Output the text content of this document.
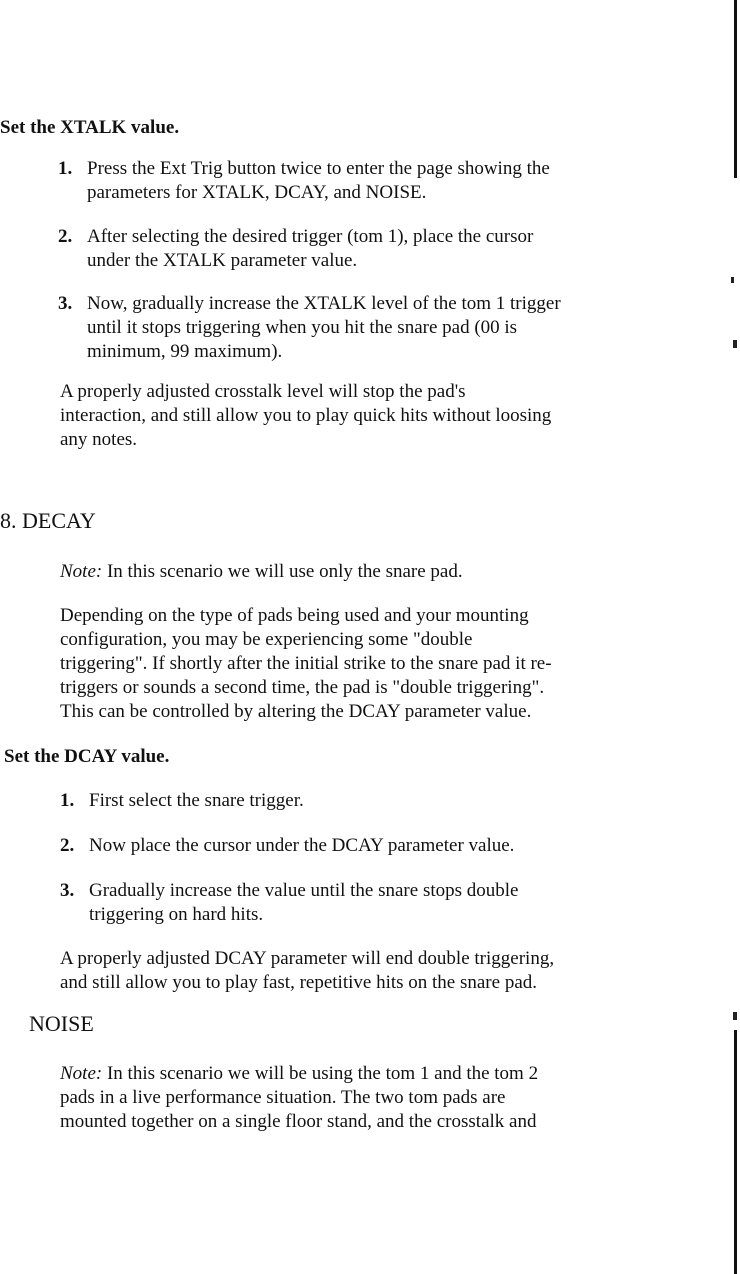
Set the XTALK value.
1. Press the Ext Trig button twice to enter the page showing the
parameters for XTALK, DCAY, and NOISE.
2. After selecting the desired trigger (tom 1), place the cursor
under the XTALK parameter value.
3. Now, gradually increase the XTALK level of the tom 1 trigger
until it stops triggering when you hit the snare pad (00 is
minimum, 99 maximum).
A properly adjusted crosstalk level will stop the pad's
interaction, and still allow you to play quick hits without loosing
any notes.
8. DECAY
Note: In this scenario we will use only the snare pad.
Depending on the type of pads being used and your mounting
configuration, you may be experiencing some "double
triggering". If shortly after the initial strike to the snare pad it re-
triggers or sounds a second time, the pad is "double triggering".
This can be controlled by altering the DCAY parameter value.
Set the DCAY value.
1. First select the snare trigger.
2. Now place the cursor under the DCAY parameter value.
3. Gradually increase the value until the snare stops double
triggering on hard hits.
A properly adjusted DCAY parameter will end double triggering,
and still allow you to play fast, repetitive hits on the snare pad.
NOISE
Note: In this scenario we will be using the tom 1 and the tom 2
pads in a live performance situation. The two tom pads are
mounted together on a single floor stand, and the crosstalk and
